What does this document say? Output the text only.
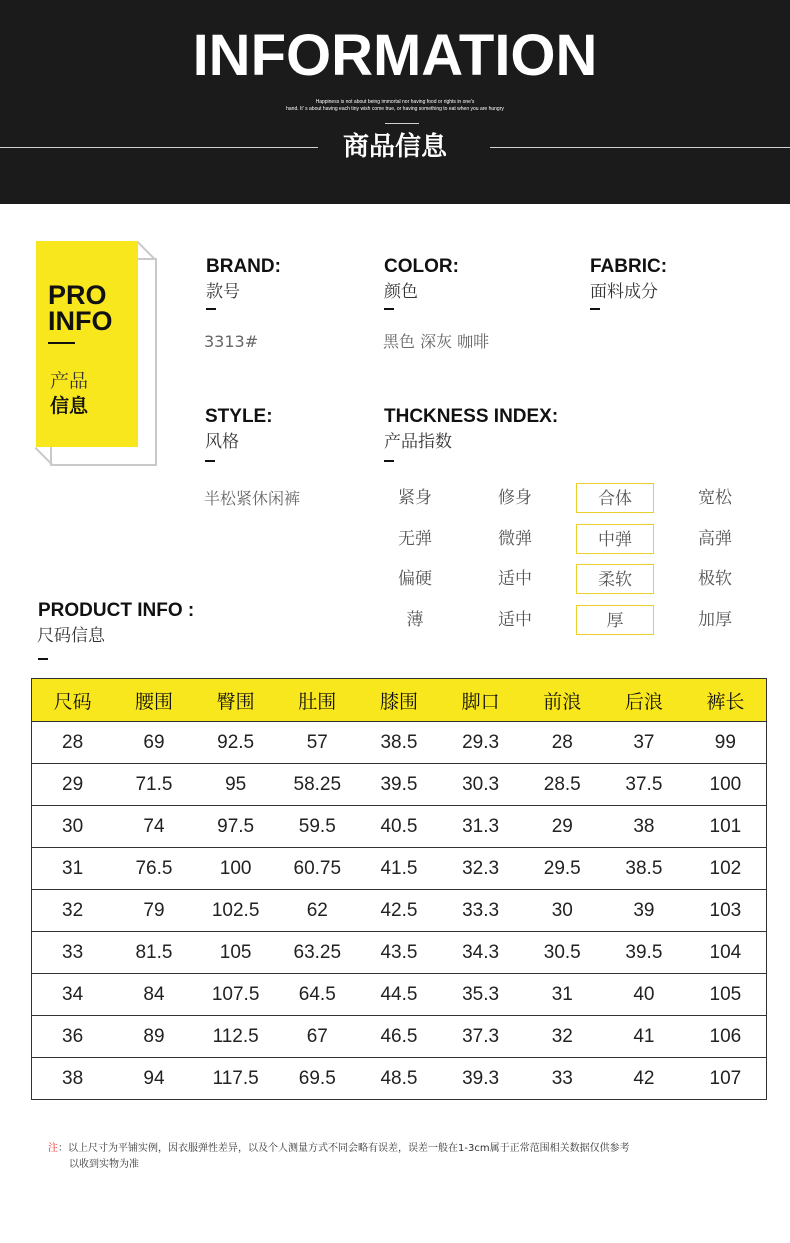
INFORMATION
Happiness is not about being immortal nor having food or rights in one's
hand. It' s about having each tiny wish come true, or having something to eat when you are hungry
商品信息
PRO
INFO
产品
信息
BRAND:
款号
3313#
COLOR:
颜色
黑色 深灰 咖啡
FABRIC:
面料成分
STYLE:
风格
半松紧休闲裤
THCKNESS INDEX:
产品指数
紧身	修身	合体	宽松
无弹	微弹	中弹	高弹
偏硬	适中	柔软	极软
薄	适中	厚	加厚
PRODUCT INFO :
尺码信息
尺码	腰围	臀围	肚围	膝围	脚口	前浪	后浪	裤长
28	69	92.5	57	38.5	29.3	28	37	99
29	71.5	95	58.25	39.5	30.3	28.5	37.5	100
30	74	97.5	59.5	40.5	31.3	29	38	101
31	76.5	100	60.75	41.5	32.3	29.5	38.5	102
32	79	102.5	62	42.5	33.3	30	39	103
33	81.5	105	63.25	43.5	34.3	30.5	39.5	104
34	84	107.5	64.5	44.5	35.3	31	40	105
36	89	112.5	67	46.5	37.3	32	41	106
38	94	117.5	69.5	48.5	39.3	33	42	107
注：以上尺寸为平铺实例，因衣服弹性差异，以及个人测量方式不同会略有误差，误差一般在1-3cm属于正常范围相关数据仅供参考
以收到实物为准
